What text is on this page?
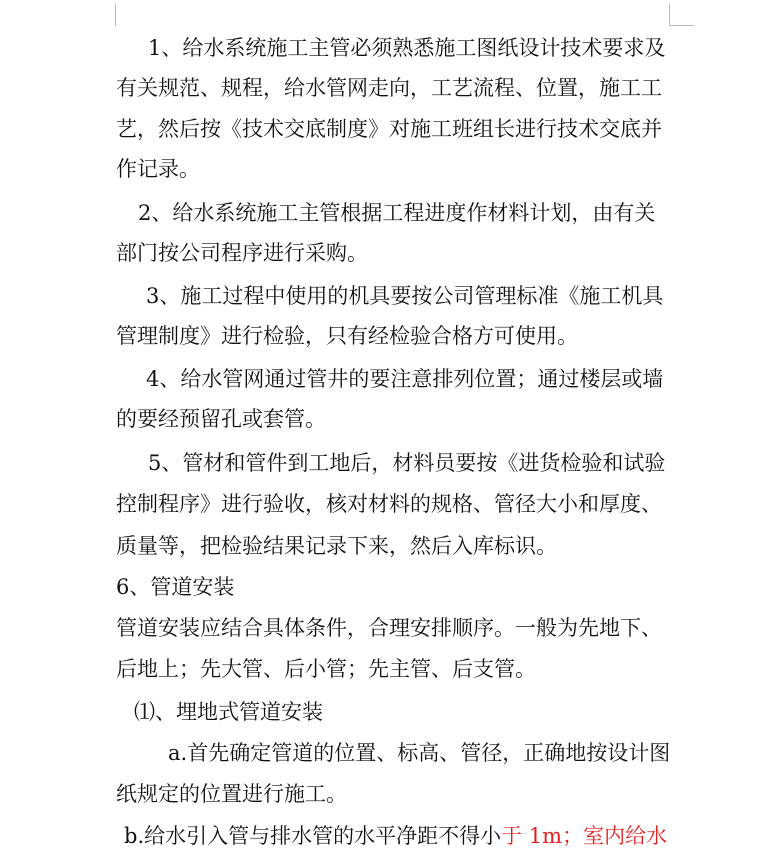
1、给水系统施工主管必须熟悉施工图纸设计技术要求及
有关规范、规程，给水管网走向，工艺流程、位置，施工工
艺，然后按《技术交底制度》对施工班组长进行技术交底并
作记录。
2、给水系统施工主管根据工程进度作材料计划，由有关
部门按公司程序进行采购。
3、施工过程中使用的机具要按公司管理标准《施工机具
管理制度》进行检验，只有经检验合格方可使用。
4、给水管网通过管井的要注意排列位置；通过楼层或墙
的要经预留孔或套管。
5、管材和管件到工地后，材料员要按《进货检验和试验
控制程序》进行验收，核对材料的规格、管径大小和厚度、
质量等，把检验结果记录下来，然后入库标识。
6、管道安装
管道安装应结合具体条件，合理安排顺序。一般为先地下、
后地上；先大管、后小管；先主管、后支管。
⑴、埋地式管道安装
a.首先确定管道的位置、标高、管径，正确地按设计图
纸规定的位置进行施工。
b.给水引入管与排水管的水平净距不得小于 1m；室内给水
